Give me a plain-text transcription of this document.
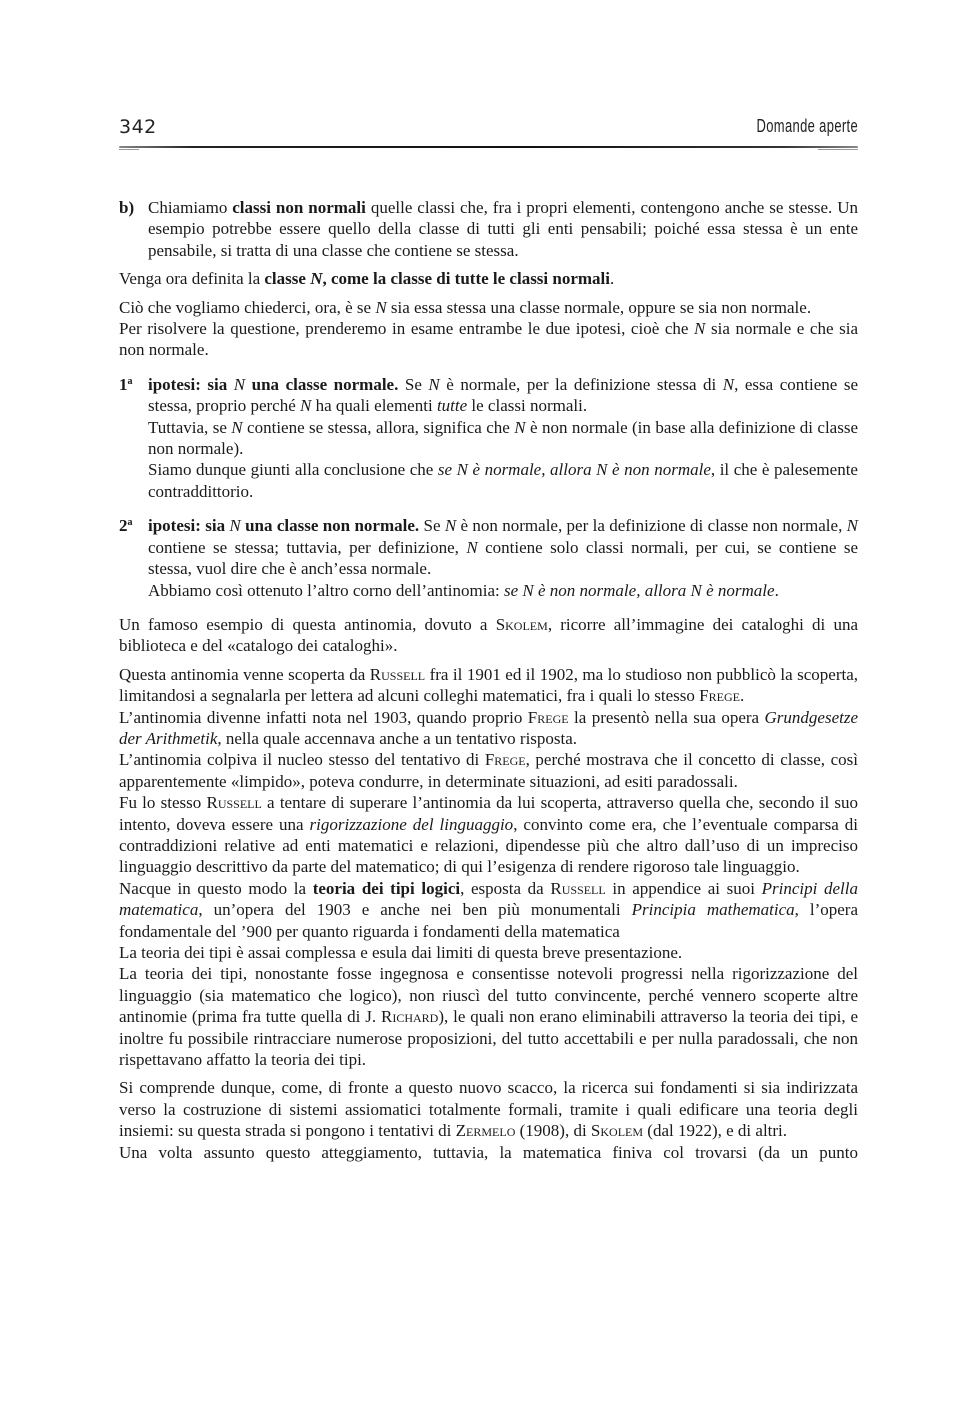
342	Domande aperte

b) Chiamiamo classi non normali quelle classi che, fra i propri elementi, contengono anche se stesse. Un esempio potrebbe essere quello della classe di tutti gli enti pensabili; poiché essa stessa è un ente pensabile, si tratta di una classe che contiene se stessa.

Venga ora definita la classe N, come la classe di tutte le classi normali.

Ciò che vogliamo chiederci, ora, è se N sia essa stessa una classe normale, oppure se sia non normale.

Per risolvere la questione, prenderemo in esame entrambe le due ipotesi, cioè che N sia normale e che sia non normale.

1$^a$ ipotesi: sia N una classe normale. Se N è normale, per la definizione stessa di N, essa contiene se stessa, proprio perché N ha quali elementi tutte le classi normali.

Tuttavia, se N contiene se stessa, allora, significa che N è non normale (in base alla definizione di classe non normale).

Siamo dunque giunti alla conclusione che se N è normale, allora N è non normale, il che è palesemente contraddittorio.

2$^a$ ipotesi: sia N una classe non normale. Se N è non normale, per la definizione di classe non normale, N contiene se stessa; tuttavia, per definizione, N contiene solo classi normali, per cui, se contiene se stessa, vuol dire che è anch’essa normale.

Abbiamo così ottenuto l’altro corno dell’antinomia: se N è non normale, allora N è normale.

Un famoso esempio di questa antinomia, dovuto a Skolem, ricorre all’immagine dei cataloghi di una biblioteca e del «catalogo dei cataloghi».

Questa antinomia venne scoperta da Russell fra il 1901 ed il 1902, ma lo studioso non pubblicò la scoperta, limitandosi a segnalarla per lettera ad alcuni colleghi matematici, fra i quali lo stesso Frege.

L’antinomia divenne infatti nota nel 1903, quando proprio Frege la presentò nella sua opera Grundgesetze der Arithmetik, nella quale accennava anche a un tentativo risposta.

L’antinomia colpiva il nucleo stesso del tentativo di Frege, perché mostrava che il concetto di classe, così apparentemente «limpido», poteva condurre, in determinate situazioni, ad esiti paradossali.

Fu lo stesso Russell a tentare di superare l’antinomia da lui scoperta, attraverso quella che, secondo il suo intento, doveva essere una rigorizzazione del linguaggio, convinto come era, che l’eventuale comparsa di contraddizioni relative ad enti matematici e relazioni, dipendesse più che altro dall’uso di un impreciso linguaggio descrittivo da parte del matematico; di qui l’esigenza di rendere rigoroso tale linguaggio.

Nacque in questo modo la teoria dei tipi logici, esposta da Russell in appendice ai suoi Principi della matematica, un’opera del 1903 e anche nei ben più monumentali Principia mathematica, l’opera fondamentale del ’900 per quanto riguarda i fondamenti della matematica

La teoria dei tipi è assai complessa e esula dai limiti di questa breve presentazione.

La teoria dei tipi, nonostante fosse ingegnosa e consentisse notevoli progressi nella rigorizzazione del linguaggio (sia matematico che logico), non riuscì del tutto convincente, perché vennero scoperte altre antinomie (prima fra tutte quella di J. Richard), le quali non erano eliminabili attraverso la teoria dei tipi, e inoltre fu possibile rintracciare numerose proposizioni, del tutto accettabili e per nulla paradossali, che non rispettavano affatto la teoria dei tipi.

Si comprende dunque, come, di fronte a questo nuovo scacco, la ricerca sui fondamenti si sia indirizzata verso la costruzione di sistemi assiomatici totalmente formali, tramite i quali edificare una teoria degli insiemi: su questa strada si pongono i tentativi di Zermelo (1908), di Skolem (dal 1922), e di altri.

Una volta assunto questo atteggiamento, tuttavia, la matematica finiva col trovarsi (da un punto
